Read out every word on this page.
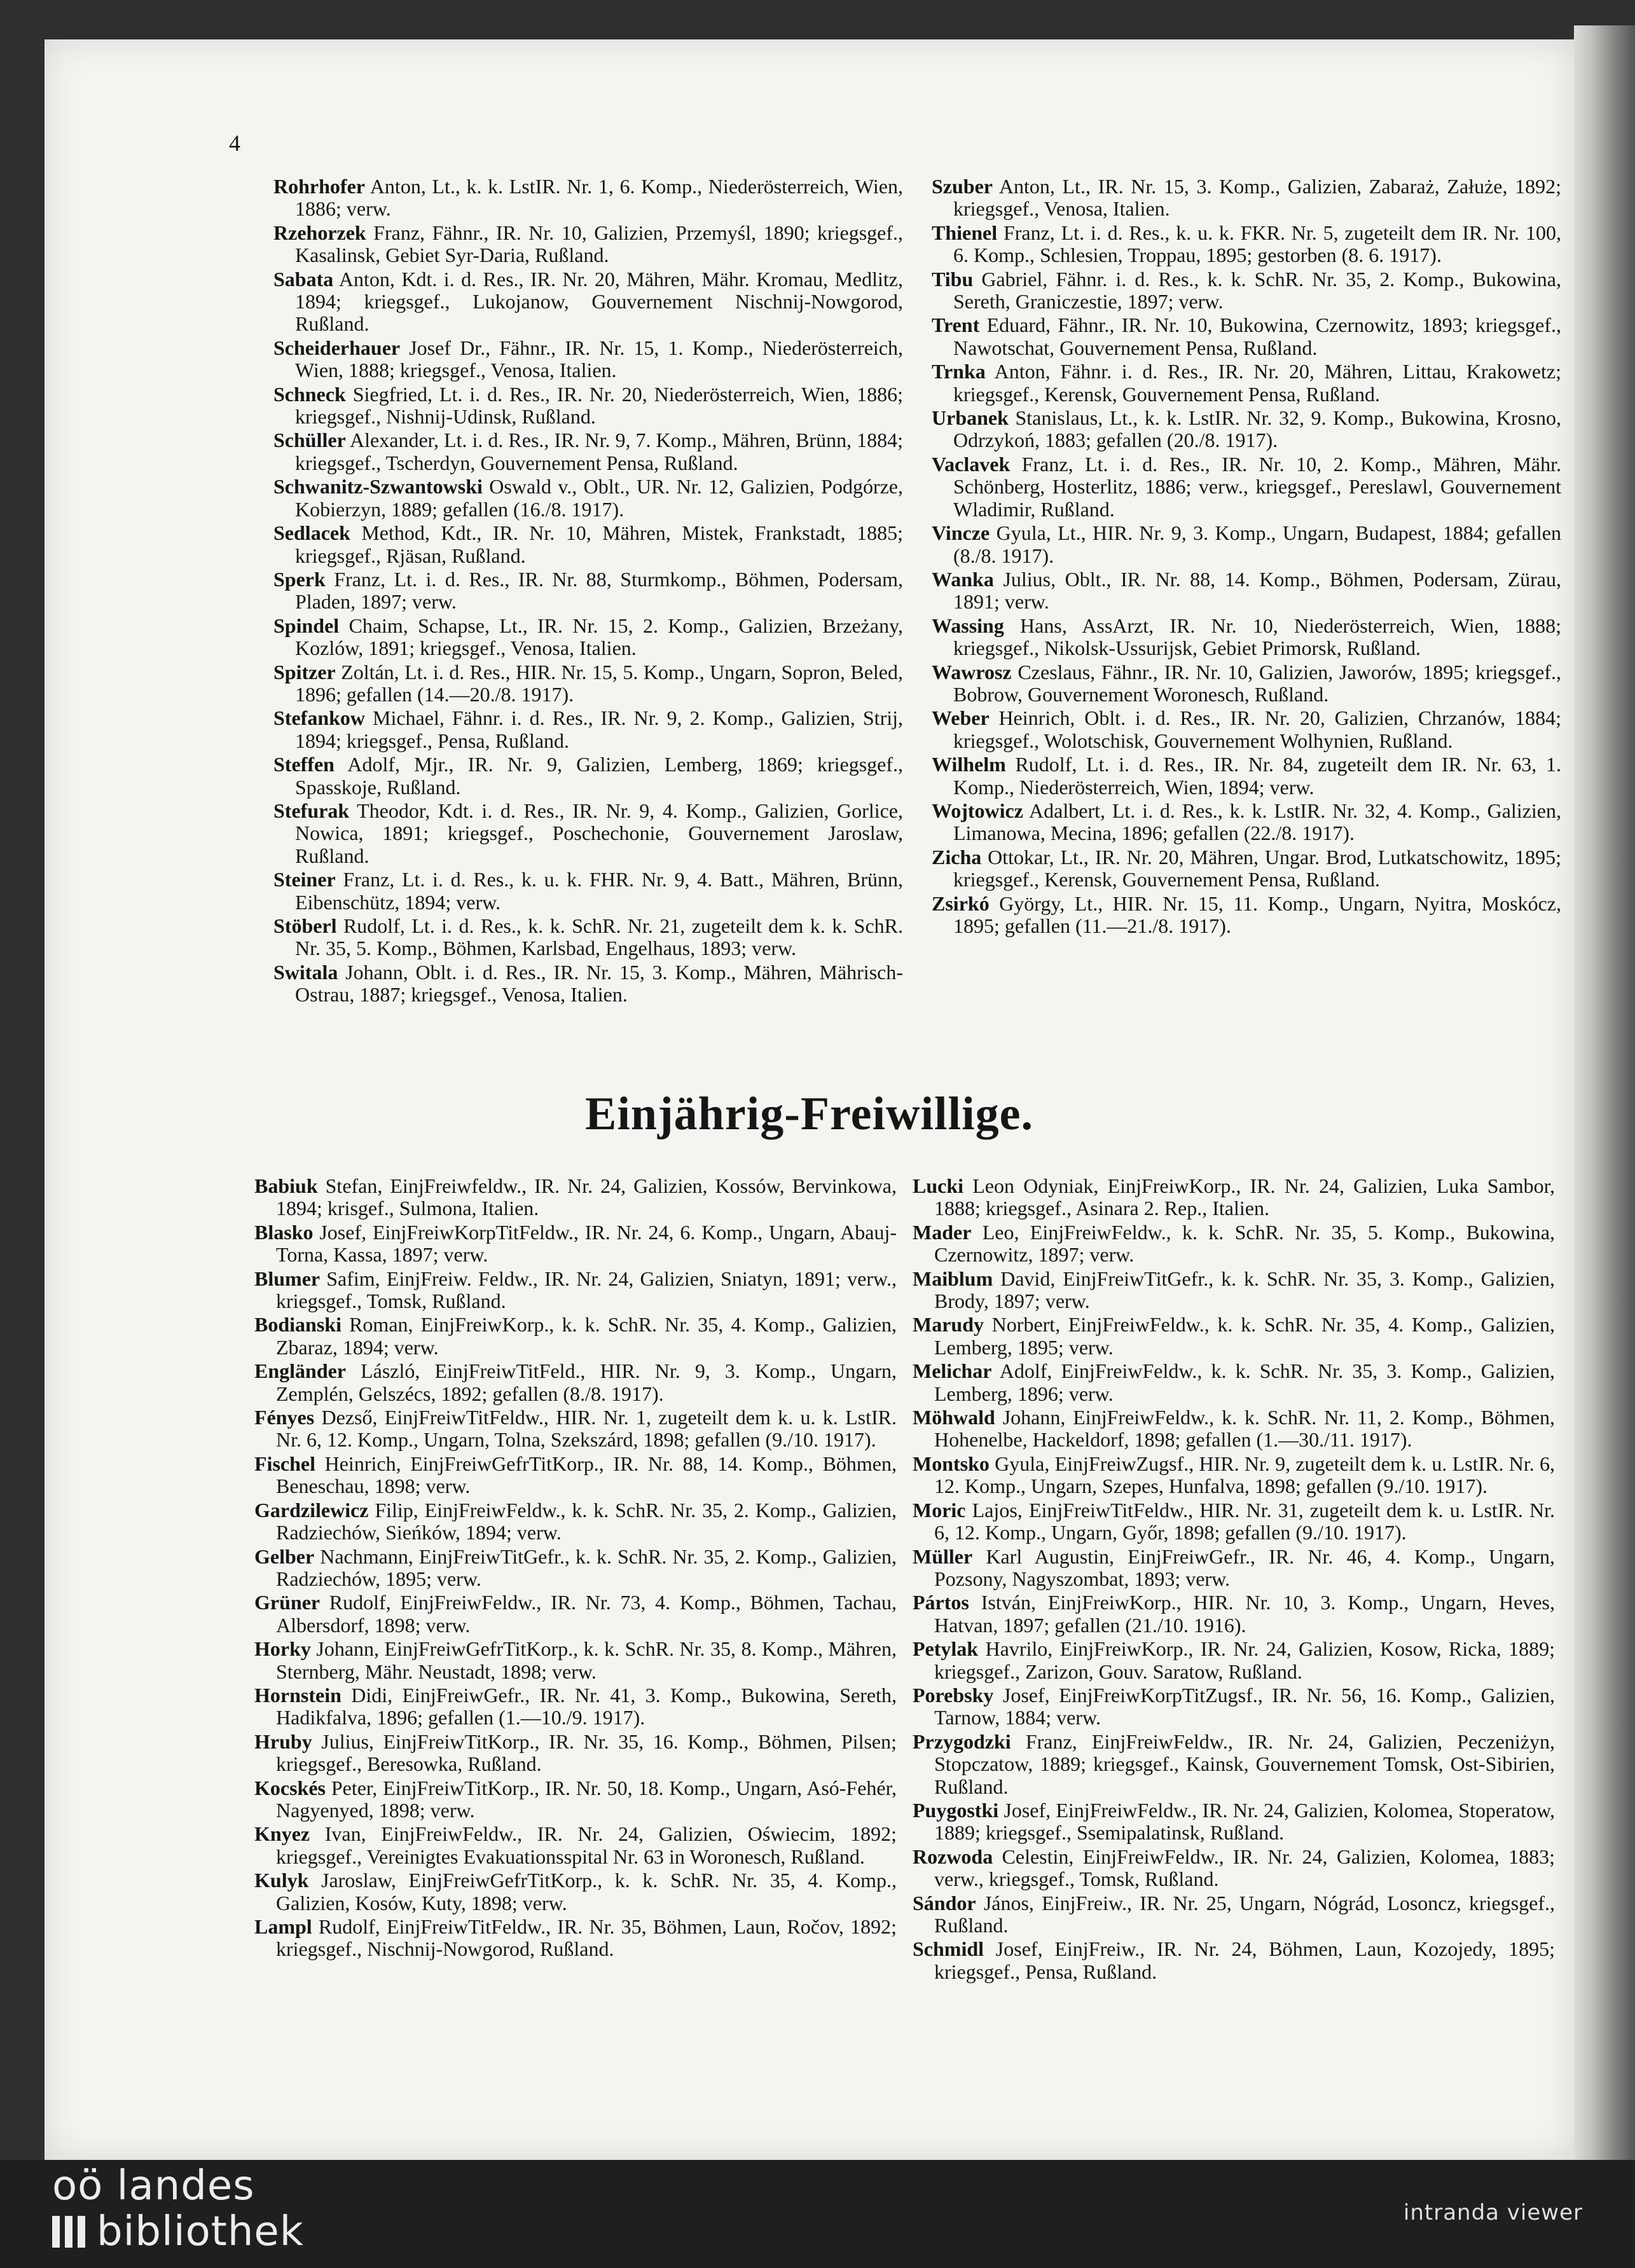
4

Rohrhofer Anton, Lt., k. k. LstIR. Nr. 1, 6. Komp., Niederösterreich, Wien, 1886; verw.

Rzehorzek Franz, Fähnr., IR. Nr. 10, Galizien, Przemyśl, 1890; kriegsgef., Kasalinsk, Gebiet Syr-Daria, Rußland.

Sabata Anton, Kdt. i. d. Res., IR. Nr. 20, Mähren, Mähr. Kromau, Medlitz, 1894; kriegsgef., Lukojanow, Gouvernement Nischnij-Nowgorod, Rußland.

Scheiderhauer Josef Dr., Fähnr., IR. Nr. 15, 1. Komp., Niederösterreich, Wien, 1888; kriegsgef., Venosa, Italien.

Schneck Siegfried, Lt. i. d. Res., IR. Nr. 20, Niederösterreich, Wien, 1886; kriegsgef., Nishnij-Udinsk, Rußland.

Schüller Alexander, Lt. i. d. Res., IR. Nr. 9, 7. Komp., Mähren, Brünn, 1884; kriegsgef., Tscherdyn, Gouvernement Pensa, Rußland.

Schwanitz-Szwantowski Oswald v., Oblt., UR. Nr. 12, Galizien, Podgórze, Kobierzyn, 1889; gefallen (16./8. 1917).

Sedlacek Method, Kdt., IR. Nr. 10, Mähren, Mistek, Frankstadt, 1885; kriegsgef., Rjäsan, Rußland.

Sperk Franz, Lt. i. d. Res., IR. Nr. 88, Sturmkomp., Böhmen, Podersam, Pladen, 1897; verw.

Spindel Chaim, Schapse, Lt., IR. Nr. 15, 2. Komp., Galizien, Brzeżany, Kozlów, 1891; kriegsgef., Venosa, Italien.

Spitzer Zoltán, Lt. i. d. Res., HIR. Nr. 15, 5. Komp., Ungarn, Sopron, Beled, 1896; gefallen (14.—20./8. 1917).

Stefankow Michael, Fähnr. i. d. Res., IR. Nr. 9, 2. Komp., Galizien, Strij, 1894; kriegsgef., Pensa, Rußland.

Steffen Adolf, Mjr., IR. Nr. 9, Galizien, Lemberg, 1869; kriegsgef., Spasskoje, Rußland.

Stefurak Theodor, Kdt. i. d. Res., IR. Nr. 9, 4. Komp., Galizien, Gorlice, Nowica, 1891; kriegsgef., Poschechonie, Gouvernement Jaroslaw, Rußland.

Steiner Franz, Lt. i. d. Res., k. u. k. FHR. Nr. 9, 4. Batt., Mähren, Brünn, Eibenschütz, 1894; verw.

Stöberl Rudolf, Lt. i. d. Res., k. k. SchR. Nr. 21, zugeteilt dem k. k. SchR. Nr. 35, 5. Komp., Böhmen, Karlsbad, Engelhaus, 1893; verw.

Switala Johann, Oblt. i. d. Res., IR. Nr. 15, 3. Komp., Mähren, Mährisch-Ostrau, 1887; kriegsgef., Venosa, Italien.

Szuber Anton, Lt., IR. Nr. 15, 3. Komp., Galizien, Zabaraż, Załuże, 1892; kriegsgef., Venosa, Italien.

Thienel Franz, Lt. i. d. Res., k. u. k. FKR. Nr. 5, zugeteilt dem IR. Nr. 100, 6. Komp., Schlesien, Troppau, 1895; gestorben (8. 6. 1917).

Tibu Gabriel, Fähnr. i. d. Res., k. k. SchR. Nr. 35, 2. Komp., Bukowina, Sereth, Graniczestie, 1897; verw.

Trent Eduard, Fähnr., IR. Nr. 10, Bukowina, Czernowitz, 1893; kriegsgef., Nawotschat, Gouvernement Pensa, Rußland.

Trnka Anton, Fähnr. i. d. Res., IR. Nr. 20, Mähren, Littau, Krakowetz; kriegsgef., Kerensk, Gouvernement Pensa, Rußland.

Urbanek Stanislaus, Lt., k. k. LstIR. Nr. 32, 9. Komp., Bukowina, Krosno, Odrzykoń, 1883; gefallen (20./8. 1917).

Vaclavek Franz, Lt. i. d. Res., IR. Nr. 10, 2. Komp., Mähren, Mähr. Schönberg, Hosterlitz, 1886; verw., kriegsgef., Pereslawl, Gouvernement Wladimir, Rußland.

Vincze Gyula, Lt., HIR. Nr. 9, 3. Komp., Ungarn, Budapest, 1884; gefallen (8./8. 1917).

Wanka Julius, Oblt., IR. Nr. 88, 14. Komp., Böhmen, Podersam, Zürau, 1891; verw.

Wassing Hans, AssArzt, IR. Nr. 10, Niederösterreich, Wien, 1888; kriegsgef., Nikolsk-Ussurijsk, Gebiet Primorsk, Rußland.

Wawrosz Czeslaus, Fähnr., IR. Nr. 10, Galizien, Jaworów, 1895; kriegsgef., Bobrow, Gouvernement Woronesch, Rußland.

Weber Heinrich, Oblt. i. d. Res., IR. Nr. 20, Galizien, Chrzanów, 1884; kriegsgef., Wolotschisk, Gouvernement Wolhynien, Rußland.

Wilhelm Rudolf, Lt. i. d. Res., IR. Nr. 84, zugeteilt dem IR. Nr. 63, 1. Komp., Niederösterreich, Wien, 1894; verw.

Wojtowicz Adalbert, Lt. i. d. Res., k. k. LstIR. Nr. 32, 4. Komp., Galizien, Limanowa, Mecina, 1896; gefallen (22./8. 1917).

Zicha Ottokar, Lt., IR. Nr. 20, Mähren, Ungar. Brod, Lutkatschowitz, 1895; kriegsgef., Kerensk, Gouvernement Pensa, Rußland.

Zsirkó György, Lt., HIR. Nr. 15, 11. Komp., Ungarn, Nyitra, Moskócz, 1895; gefallen (11.—21./8. 1917).

Einjährig-Freiwillige.

Babiuk Stefan, EinjFreiwfeldw., IR. Nr. 24, Galizien, Kossów, Bervinkowa, 1894; krisgef., Sulmona, Italien.

Blasko Josef, EinjFreiwKorpTitFeldw., IR. Nr. 24, 6. Komp., Ungarn, Abauj-Torna, Kassa, 1897; verw.

Blumer Safim, EinjFreiw. Feldw., IR. Nr. 24, Galizien, Sniatyn, 1891; verw., kriegsgef., Tomsk, Rußland.

Bodianski Roman, EinjFreiwKorp., k. k. SchR. Nr. 35, 4. Komp., Galizien, Zbaraz, 1894; verw.

Engländer László, EinjFreiwTitFeld., HIR. Nr. 9, 3. Komp., Ungarn, Zemplén, Gelszécs, 1892; gefallen (8./8. 1917).

Fényes Dezső, EinjFreiwTitFeldw., HIR. Nr. 1, zugeteilt dem k. u. k. LstIR. Nr. 6, 12. Komp., Ungarn, Tolna, Szekszárd, 1898; gefallen (9./10. 1917).

Fischel Heinrich, EinjFreiwGefrTitKorp., IR. Nr. 88, 14. Komp., Böhmen, Beneschau, 1898; verw.

Gardzilewicz Filip, EinjFreiwFeldw., k. k. SchR. Nr. 35, 2. Komp., Galizien, Radziechów, Sieńków, 1894; verw.

Gelber Nachmann, EinjFreiwTitGefr., k. k. SchR. Nr. 35, 2. Komp., Galizien, Radziechów, 1895; verw.

Grüner Rudolf, EinjFreiwFeldw., IR. Nr. 73, 4. Komp., Böhmen, Tachau, Albersdorf, 1898; verw.

Horky Johann, EinjFreiwGefrTitKorp., k. k. SchR. Nr. 35, 8. Komp., Mähren, Sternberg, Mähr. Neustadt, 1898; verw.

Hornstein Didi, EinjFreiwGefr., IR. Nr. 41, 3. Komp., Bukowina, Sereth, Hadikfalva, 1896; gefallen (1.—10./9. 1917).

Hruby Julius, EinjFreiwTitKorp., IR. Nr. 35, 16. Komp., Böhmen, Pilsen; kriegsgef., Beresowka, Rußland.

Kocskés Peter, EinjFreiwTitKorp., IR. Nr. 50, 18. Komp., Ungarn, Asó-Fehér, Nagyenyed, 1898; verw.

Knyez Ivan, EinjFreiwFeldw., IR. Nr. 24, Galizien, Oświecim, 1892; kriegsgef., Vereinigtes Evakuationsspital Nr. 63 in Woronesch, Rußland.

Kulyk Jaroslaw, EinjFreiwGefrTitKorp., k. k. SchR. Nr. 35, 4. Komp., Galizien, Kosów, Kuty, 1898; verw.

Lampl Rudolf, EinjFreiwTitFeldw., IR. Nr. 35, Böhmen, Laun, Ročov, 1892; kriegsgef., Nischnij-Nowgorod, Rußland.

Lucki Leon Odyniak, EinjFreiwKorp., IR. Nr. 24, Galizien, Luka Sambor, 1888; kriegsgef., Asinara 2. Rep., Italien.

Mader Leo, EinjFreiwFeldw., k. k. SchR. Nr. 35, 5. Komp., Bukowina, Czernowitz, 1897; verw.

Maiblum David, EinjFreiwTitGefr., k. k. SchR. Nr. 35, 3. Komp., Galizien, Brody, 1897; verw.

Marudy Norbert, EinjFreiwFeldw., k. k. SchR. Nr. 35, 4. Komp., Galizien, Lemberg, 1895; verw.

Melichar Adolf, EinjFreiwFeldw., k. k. SchR. Nr. 35, 3. Komp., Galizien, Lemberg, 1896; verw.

Möhwald Johann, EinjFreiwFeldw., k. k. SchR. Nr. 11, 2. Komp., Böhmen, Hohenelbe, Hackeldorf, 1898; gefallen (1.—30./11. 1917).

Montsko Gyula, EinjFreiwZugsf., HIR. Nr. 9, zugeteilt dem k. u. LstIR. Nr. 6, 12. Komp., Ungarn, Szepes, Hunfalva, 1898; gefallen (9./10. 1917).

Moric Lajos, EinjFreiwTitFeldw., HIR. Nr. 31, zugeteilt dem k. u. LstIR. Nr. 6, 12. Komp., Ungarn, Győr, 1898; gefallen (9./10. 1917).

Müller Karl Augustin, EinjFreiwGefr., IR. Nr. 46, 4. Komp., Ungarn, Pozsony, Nagyszombat, 1893; verw.

Pártos István, EinjFreiwKorp., HIR. Nr. 10, 3. Komp., Ungarn, Heves, Hatvan, 1897; gefallen (21./10. 1916).

Petylak Havrilo, EinjFreiwKorp., IR. Nr. 24, Galizien, Kosow, Ricka, 1889; kriegsgef., Zarizon, Gouv. Saratow, Rußland.

Porebsky Josef, EinjFreiwKorpTitZugsf., IR. Nr. 56, 16. Komp., Galizien, Tarnow, 1884; verw.

Przygodzki Franz, EinjFreiwFeldw., IR. Nr. 24, Galizien, Peczeniżyn, Stopczatow, 1889; kriegsgef., Kainsk, Gouvernement Tomsk, Ost-Sibirien, Rußland.

Puygostki Josef, EinjFreiwFeldw., IR. Nr. 24, Galizien, Kolomea, Stoperatow, 1889; kriegsgef., Ssemipalatinsk, Rußland.

Rozwoda Celestin, EinjFreiwFeldw., IR. Nr. 24, Galizien, Kolomea, 1883; verw., kriegsgef., Tomsk, Rußland.

Sándor János, EinjFreiw., IR. Nr. 25, Ungarn, Nógrád, Losoncz, kriegsgef., Rußland.

Schmidl Josef, EinjFreiw., IR. Nr. 24, Böhmen, Laun, Kozojedy, 1895; kriegsgef., Pensa, Rußland.

oö landes
bibliothek	intranda viewer
